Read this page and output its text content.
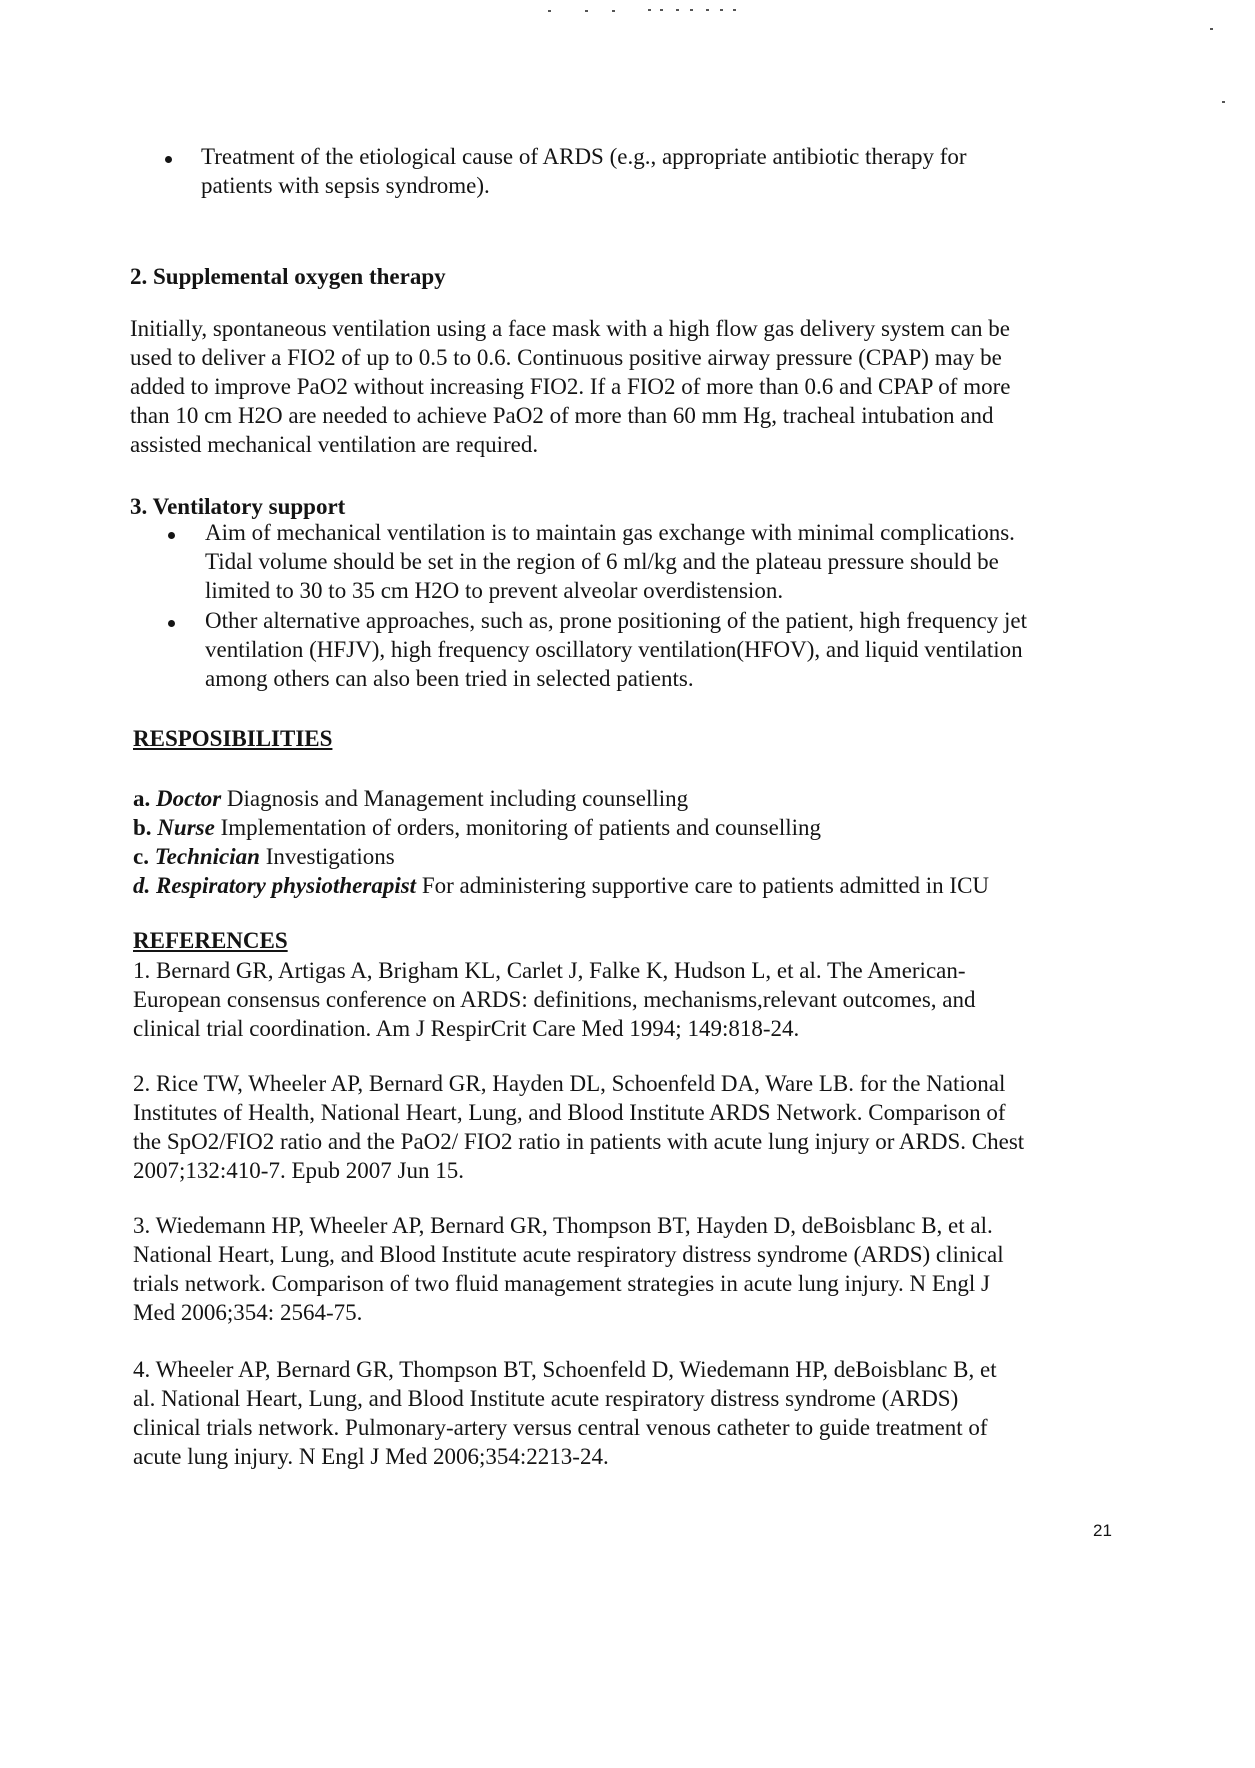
Treatment of the etiological cause of ARDS (e.g., appropriate antibiotic therapy for
patients with sepsis syndrome).
2. Supplemental oxygen therapy
Initially, spontaneous ventilation using a face mask with a high flow gas delivery system can be
used to deliver a FIO2 of up to 0.5 to 0.6. Continuous positive airway pressure (CPAP) may be
added to improve PaO2 without increasing FIO2. If a FIO2 of more than 0.6 and CPAP of more
than 10 cm H2O are needed to achieve PaO2 of more than 60 mm Hg, tracheal intubation and
assisted mechanical ventilation are required.
3. Ventilatory support
Aim of mechanical ventilation is to maintain gas exchange with minimal complications.
Tidal volume should be set in the region of 6 ml/kg and the plateau pressure should be
limited to 30 to 35 cm H2O to prevent alveolar overdistension.
Other alternative approaches, such as, prone positioning of the patient, high frequency jet
ventilation (HFJV), high frequency oscillatory ventilation(HFOV), and liquid ventilation
among others can also been tried in selected patients.
RESPOSIBILITIES
a. Doctor Diagnosis and Management including counselling
b. Nurse Implementation of orders, monitoring of patients and counselling
c. Technician Investigations
d. Respiratory physiotherapist For administering supportive care to patients admitted in ICU
REFERENCES
1. Bernard GR, Artigas A, Brigham KL, Carlet J, Falke K, Hudson L, et al. The American-
European consensus conference on ARDS: definitions, mechanisms,relevant outcomes, and
clinical trial coordination. Am J RespirCrit Care Med 1994; 149:818-24.
2. Rice TW, Wheeler AP, Bernard GR, Hayden DL, Schoenfeld DA, Ware LB. for the National
Institutes of Health, National Heart, Lung, and Blood Institute ARDS Network. Comparison of
the SpO2/FIO2 ratio and the PaO2/ FIO2 ratio in patients with acute lung injury or ARDS. Chest
2007;132:410-7. Epub 2007 Jun 15.
3. Wiedemann HP, Wheeler AP, Bernard GR, Thompson BT, Hayden D, deBoisblanc B, et al.
National Heart, Lung, and Blood Institute acute respiratory distress syndrome (ARDS) clinical
trials network. Comparison of two fluid management strategies in acute lung injury. N Engl J
Med 2006;354: 2564-75.
4. Wheeler AP, Bernard GR, Thompson BT, Schoenfeld D, Wiedemann HP, deBoisblanc B, et
al. National Heart, Lung, and Blood Institute acute respiratory distress syndrome (ARDS)
clinical trials network. Pulmonary-artery versus central venous catheter to guide treatment of
acute lung injury. N Engl J Med 2006;354:2213-24.
21
